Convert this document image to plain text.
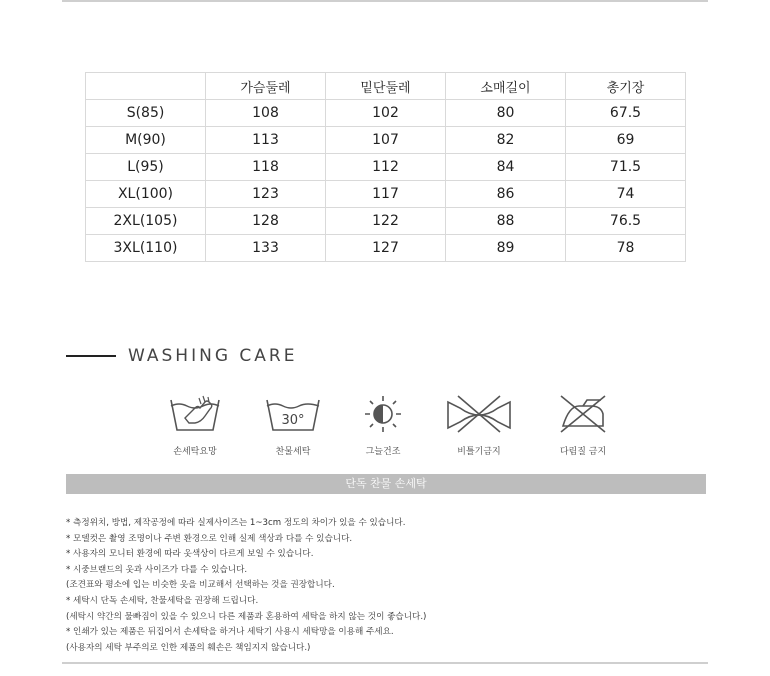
	가슴둘레	밑단둘레	소매길이	총기장
S(85)	108	102	80	67.5
M(90)	113	107	82	69
L(95)	118	112	84	71.5
XL(100)	123	117	86	74
2XL(105)	128	122	88	76.5
3XL(110)	133	127	89	78
WASHING CARE
손세탁요망
30°
찬물세탁	그늘건조	비틀기금지	다림질 금지
단독 찬물 손세탁
* 측정위치, 방법, 제작공정에 따라 실제사이즈는 1~3cm 정도의 차이가 있을 수 있습니다.
* 모델컷은 촬영 조명이나 주변 환경으로 인해 실제 색상과 다를 수 있습니다.
* 사용자의 모니터 환경에 따라 옷색상이 다르게 보일 수 있습니다.
* 시중브랜드의 옷과 사이즈가 다를 수 있습니다.
(조견표와 평소에 입는 비슷한 옷을 비교해서 선택하는 것을 권장합니다.
* 세탁시 단독 손세탁, 찬물세탁을 권장해 드립니다.
(세탁시 약간의 물빠짐이 있을 수 있으니 다른 제품과 혼용하여 세탁을 하지 않는 것이 좋습니다.)
* 인쇄가 있는 제품은 뒤집어서 손세탁을 하거나 세탁기 사용시 세탁망을 이용해 주세요.
(사용자의 세탁 부주의로 인한 제품의 훼손은 책임지지 않습니다.)
